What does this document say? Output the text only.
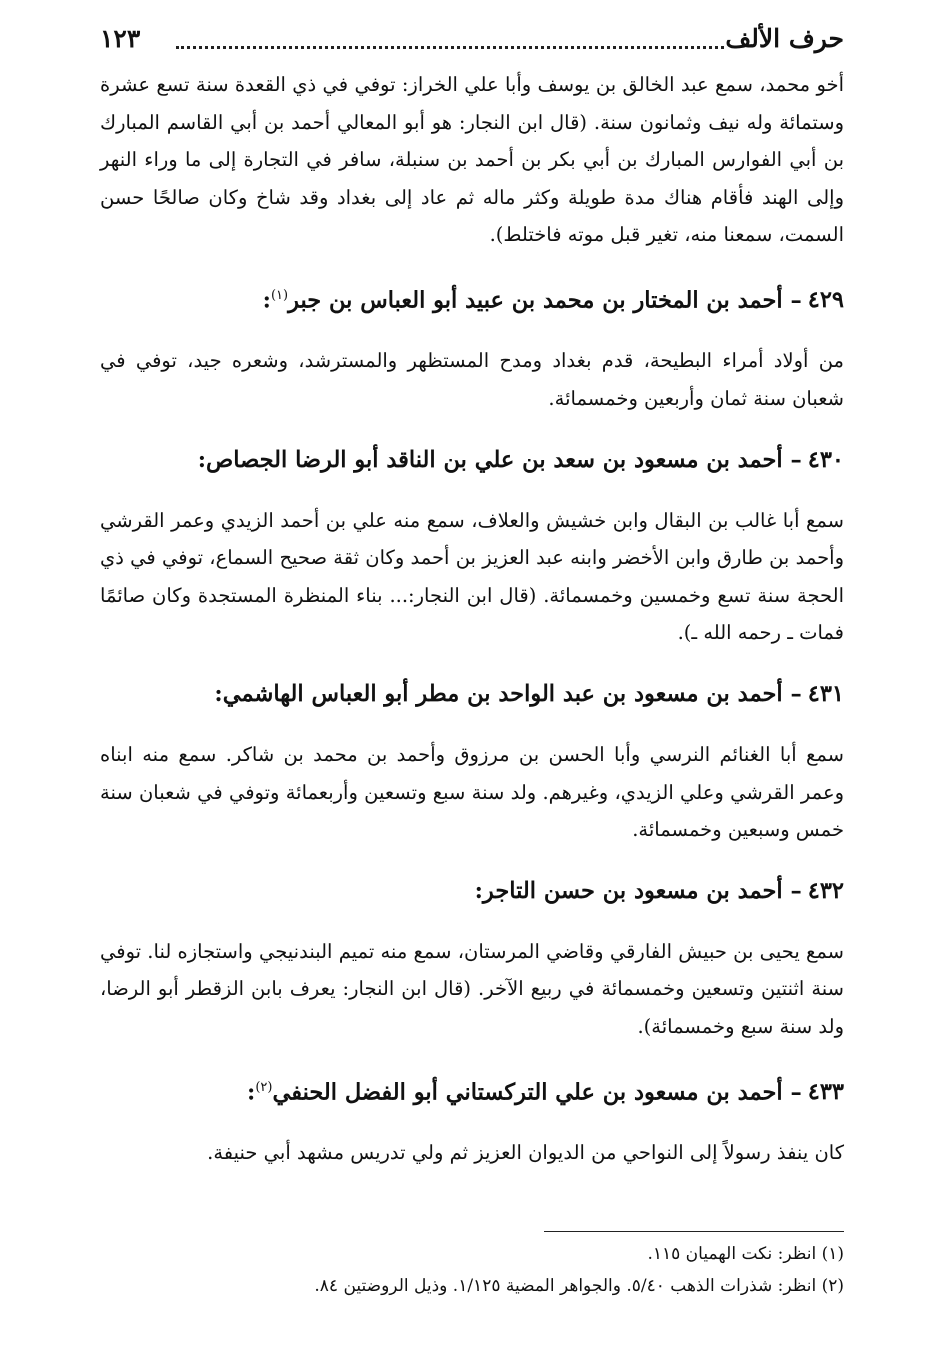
حرف الألف
١٢٣

أخو محمد، سمع عبد الخالق بن يوسف وأبا علي الخراز: توفي في ذي القعدة سنة تسع عشرة وستمائة وله نيف وثمانون سنة. (قال ابن النجار: هو أبو المعالي أحمد بن أبي القاسم المبارك بن أبي الفوارس المبارك بن أبي بكر بن أحمد بن سنبلة، سافر في التجارة إلى ما وراء النهر وإلى الهند فأقام هناك مدة طويلة وكثر ماله ثم عاد إلى بغداد وقد شاخ وكان صالحًا حسن السمت، سمعنا منه، تغير قبل موته فاختلط).

٤٢٩– أحمد بن المختار بن محمد بن عبيد أبو العباس بن جبر$^{(١)}$:

من أولاد أمراء البطيحة، قدم بغداد ومدح المستظهر والمسترشد، وشعره جيد، توفي في شعبان سنة ثمان وأربعين وخمسمائة.

٤٣٠– أحمد بن مسعود بن سعد بن علي بن الناقد أبو الرضا الجصاص:

سمع أبا غالب بن البقال وابن خشيش والعلاف، سمع منه علي بن أحمد الزيدي وعمر القرشي وأحمد بن طارق وابن الأخضر وابنه عبد العزيز بن أحمد وكان ثقة صحيح السماع، توفي في ذي الحجة سنة تسع وخمسين وخمسمائة. (قال ابن النجار:... بناء المنظرة المستجدة وكان صائمًا فمات ـ رحمه الله ـ).

٤٣١– أحمد بن مسعود بن عبد الواحد بن مطر أبو العباس الهاشمي:

سمع أبا الغنائم النرسي وأبا الحسن بن مرزوق وأحمد بن محمد بن شاكر. سمع منه ابناه وعمر القرشي وعلي الزيدي، وغيرهم. ولد سنة سبع وتسعين وأربعمائة وتوفي في شعبان سنة خمس وسبعين وخمسمائة.

٤٣٢– أحمد بن مسعود بن حسن التاجر:

سمع يحيى بن حبيش الفارقي وقاضي المرستان، سمع منه تميم البندنيجي واستجازه لنا. توفي سنة اثنتين وتسعين وخمسمائة في ربيع الآخر. (قال ابن النجار: يعرف بابن الزقطر أبو الرضا، ولد سنة سبع وخمسمائة).

٤٣٣– أحمد بن مسعود بن علي التركستاني أبو الفضل الحنفي$^{(٢)}$:

كان ينفذ رسولاً إلى النواحي من الديوان العزيز ثم ولي تدريس مشهد أبي حنيفة.

(١) انظر: نكت الهميان ١١٥.

(٢) انظر: شذرات الذهب ٥/٤٠. والجواهر المضية ١/١٢٥. وذيل الروضتين ٨٤.
